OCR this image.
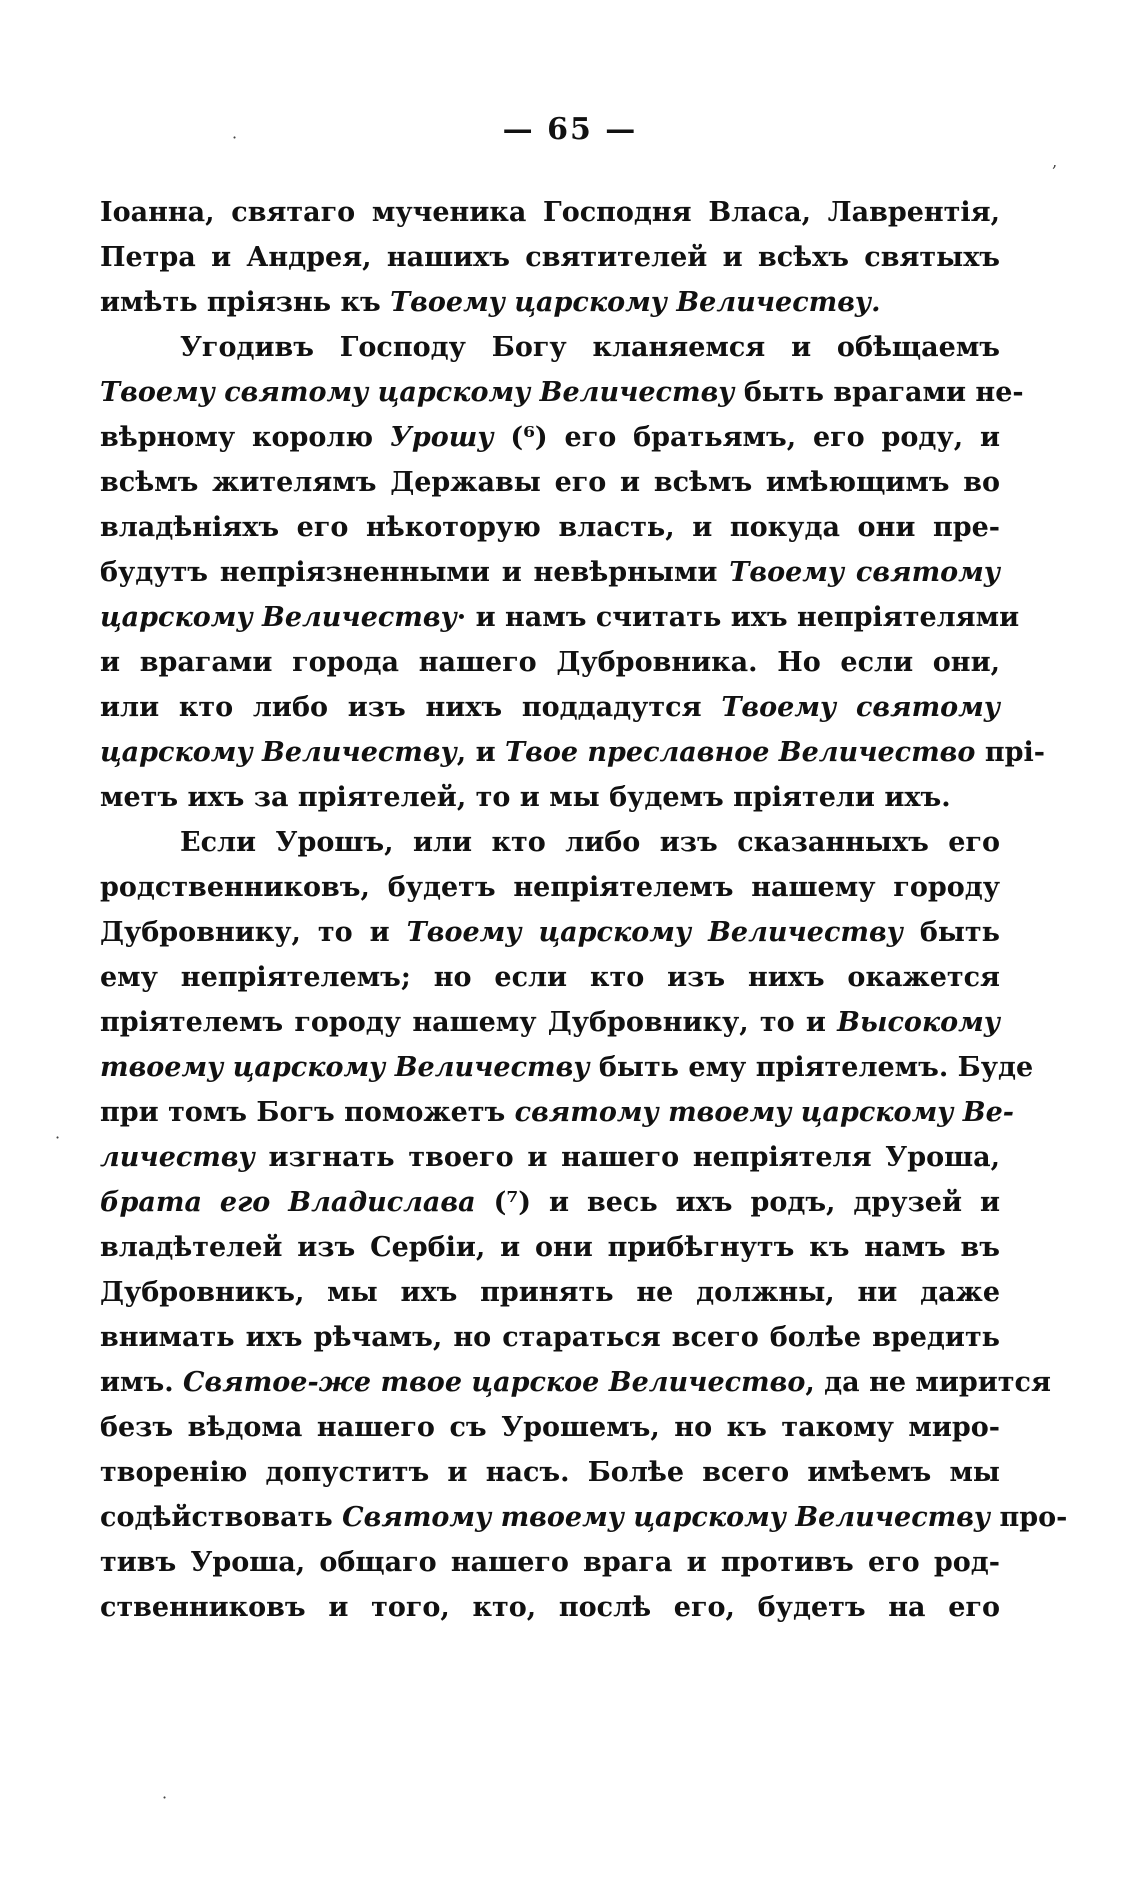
— 65 —
·
‚
·
·
Іоанна, святаго мученика Господня Власа, Лаврентія,
Петра и Андрея, нашихъ святителей и всѣхъ святыхъ
имѣть пріязнь къ Твоему царскому Величеству.
Угодивъ Господу Богу кланяемся и обѣщаемъ
Твоему святому царскому Величеству быть врагами не-
вѣрному королю Урошу (⁶) его братьямъ, его роду, и
всѣмъ жителямъ Державы его и всѣмъ имѣющимъ во
владѣніяхъ его нѣкоторую власть, и покуда они пре-
будутъ непріязненными и невѣрными Твоему святому
царскому Величеству· и намъ считать ихъ непріятелями
и врагами города нашего Дубровника. Но если они,
или кто либо изъ нихъ поддадутся Твоему святому
царскому Величеству, и Твое преславное Величество прі-
метъ ихъ за пріятелей, то и мы будемъ пріятели ихъ.
Если Урошъ, или кто либо изъ сказанныхъ его
родственниковъ, будетъ непріятелемъ нашему городу
Дубровнику, то и Твоему царскому Величеству быть
ему непріятелемъ; но если кто изъ нихъ окажется
пріятелемъ городу нашему Дубровнику, то и Высокому
твоему царскому Величеству быть ему пріятелемъ. Буде
при томъ Богъ поможетъ святому твоему царскому Ве-
личеству изгнать твоего и нашего непріятеля Уроша,
брата его Владислава (⁷) и весь ихъ родъ, друзей и
владѣтелей изъ Сербіи, и они прибѣгнутъ къ намъ въ
Дубровникъ, мы ихъ принять не должны, ни даже
внимать ихъ рѣчамъ, но стараться всего болѣе вредить
имъ. Святое-же твое царское Величество, да не мирится
безъ вѣдома нашего съ Урошемъ, но къ такому миро-
творенію допуститъ и насъ. Болѣе всего имѣемъ мы
содѣйствовать Святому твоему царскому Величеству про-
тивъ Уроша, общаго нашего врага и противъ его род-
ственниковъ и того, кто, послѣ его, будетъ на его
